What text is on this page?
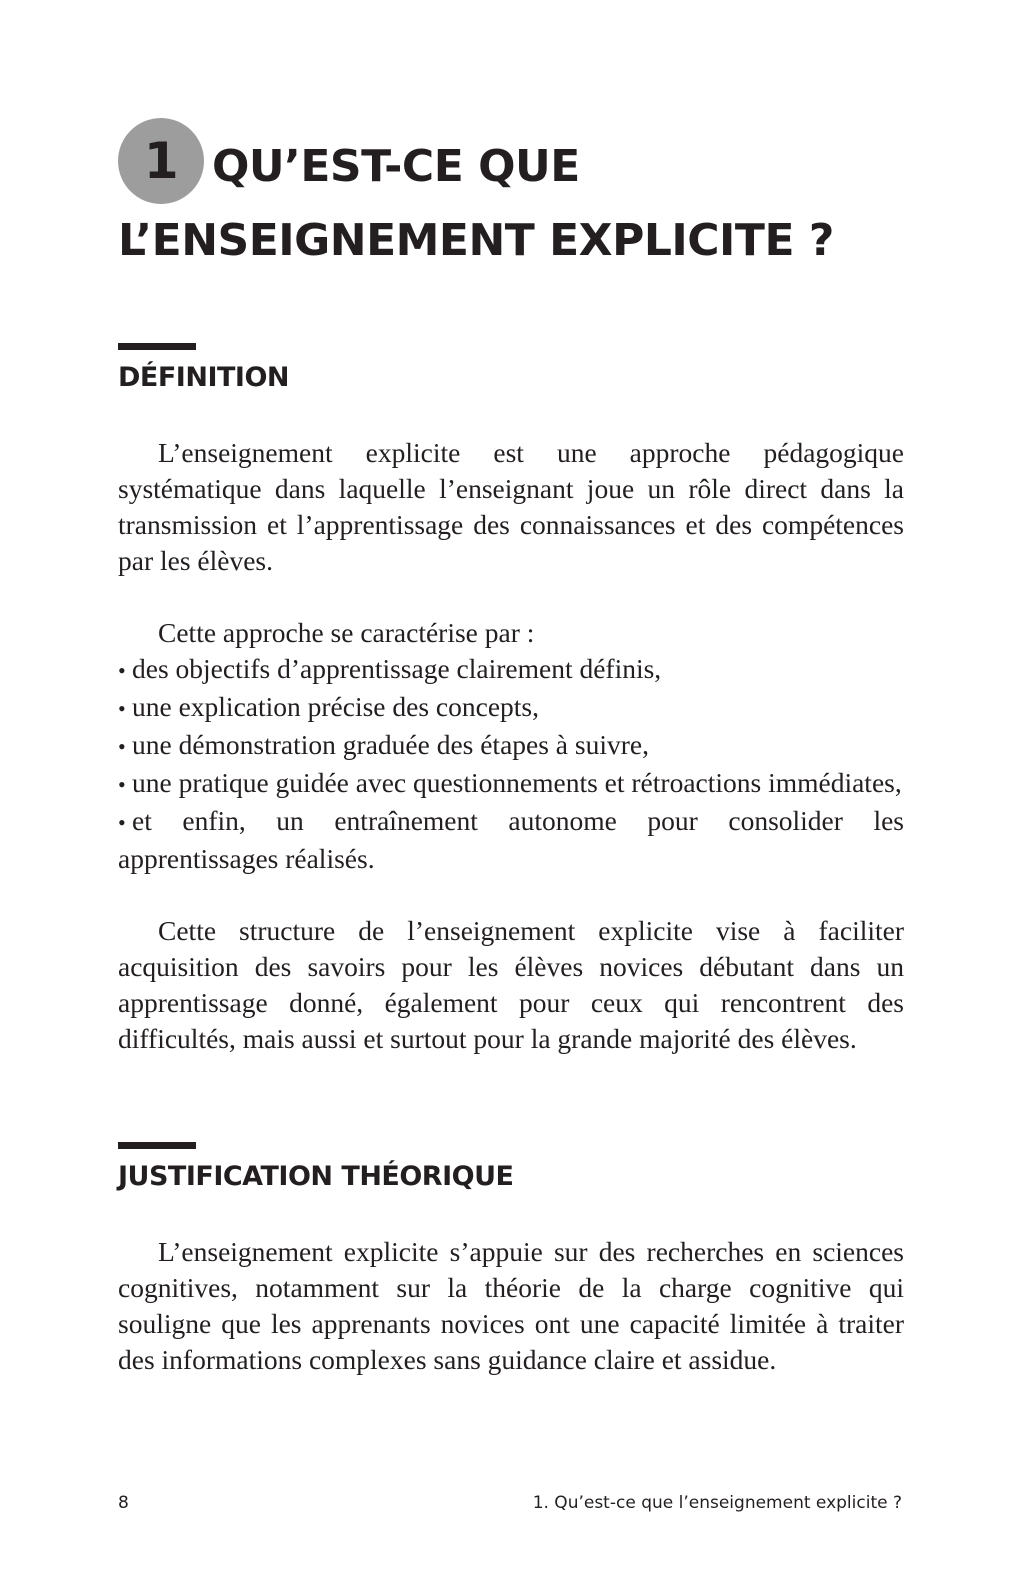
1 QU’EST-CE QUE
L’ENSEIGNEMENT EXPLICITE ?
DÉFINITION

L’enseignement explicite est une approche pédagogique systématique dans laquelle l’enseignant joue un rôle direct dans la transmission et l’apprentissage des connaissances et des compétences par les élèves.

Cette approche se caractérise par :

• des objectifs d’apprentissage clairement définis,
• une explication précise des concepts,
• une démonstration graduée des étapes à suivre,
• une pratique guidée avec questionnements et rétroactions immédiates,
• et enfin, un entraînement autonome pour consolider les apprentissages réalisés.

Cette structure de l’enseignement explicite vise à faciliter acquisition des savoirs pour les élèves novices débutant dans un apprentissage donné, également pour ceux qui rencontrent des difficultés, mais aussi et surtout pour la grande majorité des élèves.

JUSTIFICATION THÉORIQUE

L’enseignement explicite s’appuie sur des recherches en sciences cognitives, notamment sur la théorie de la charge cognitive qui souligne que les apprenants novices ont une capacité limitée à traiter des informations complexes sans guidance claire et assidue.

8	1. Qu’est-ce que l’enseignement explicite ?
